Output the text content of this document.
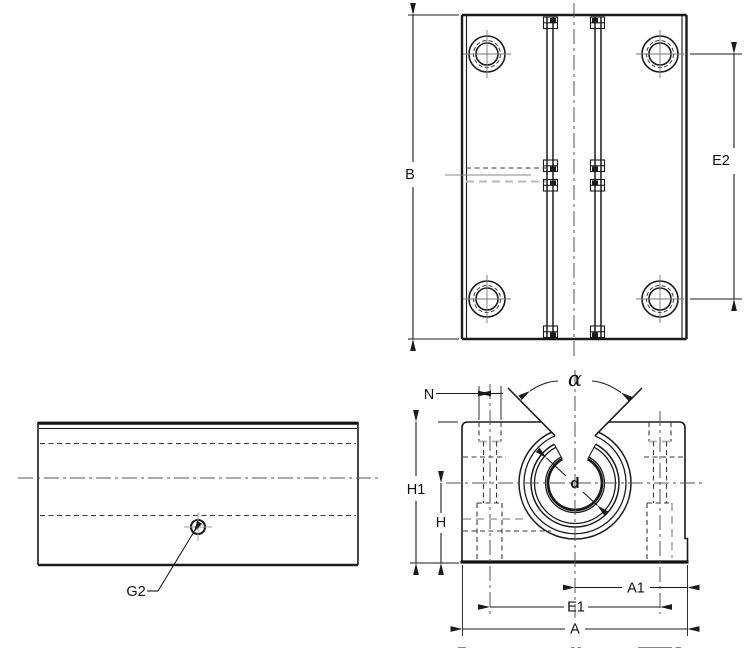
B
E2
G2
N
α
H1
H
d
A1
E1
A
